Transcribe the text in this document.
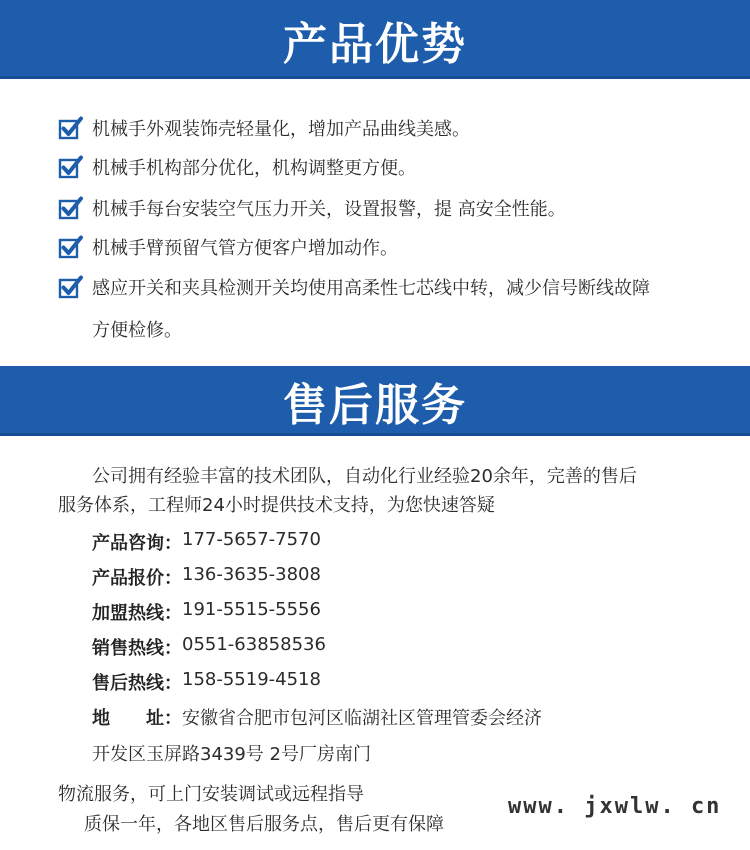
产品优势
机械手外观装饰壳轻量化，增加产品曲线美感。
机械手机构部分优化，机构调整更方便。
机械手每台安装空气压力开关，设置报警，提 高安全性能。
机械手臂预留气管方便客户增加动作。
感应开关和夹具检测开关均使用高柔性七芯线中转，减少信号断线故障
方便检修。
售后服务
公司拥有经验丰富的技术团队，自动化行业经验20余年，完善的售后
服务体系，工程师24小时提供技术支持，为您快速答疑
产品咨询： 177-5657-7570
产品报价： 136-3635-3808
加盟热线： 191-5515-5556
销售热线： 0551-63858536
售后热线： 158-5519-4518
地　　址： 安徽省合肥市包河区临湖社区管理管委会经济
开发区玉屏路3439号 2号厂房南门
物流服务，可上门安装调试或远程指导
质保一年，各地区售后服务点，售后更有保障
www. jxwlw. cn
